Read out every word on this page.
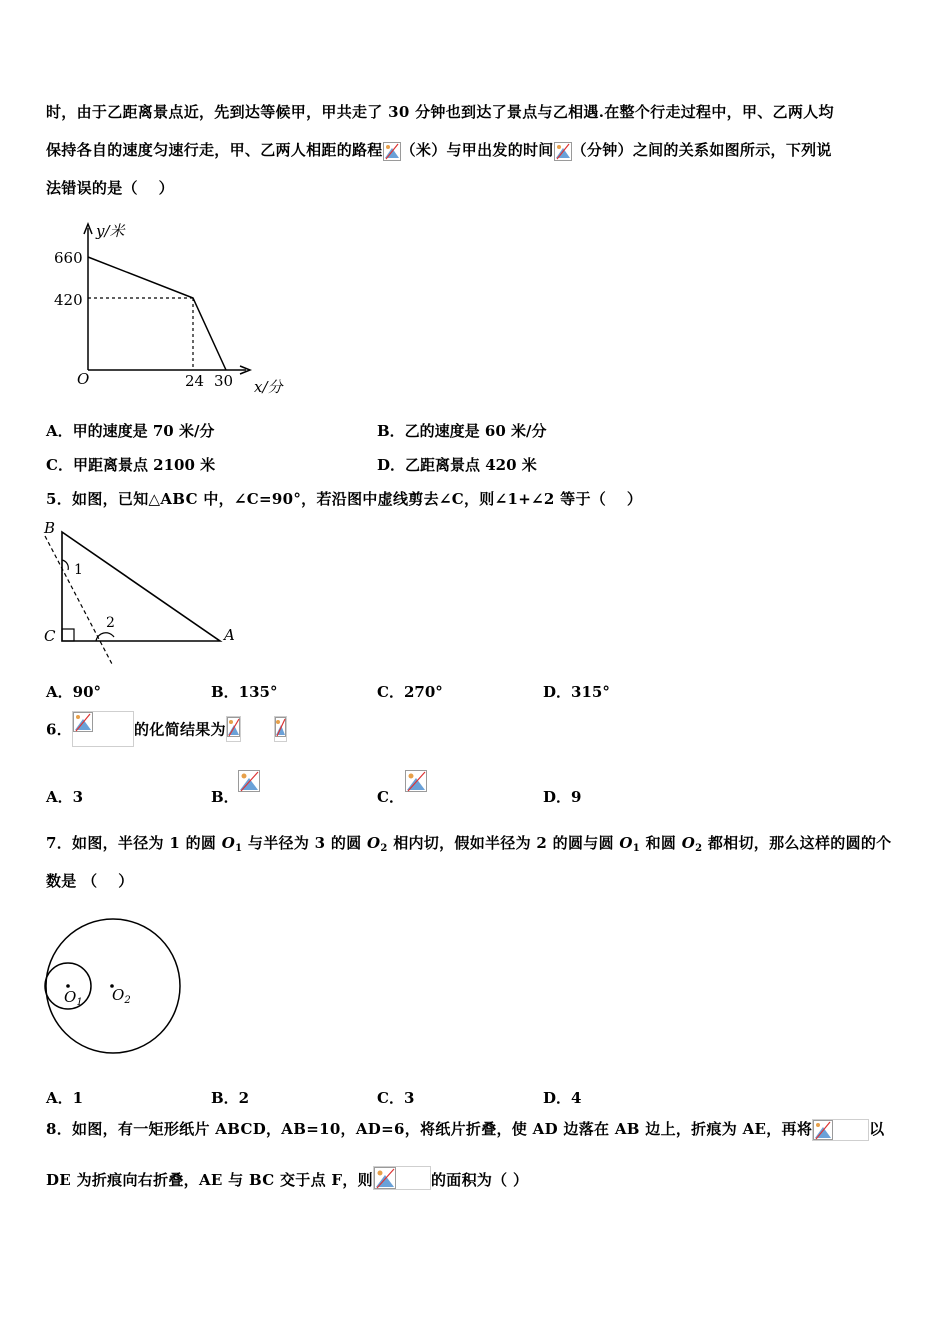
时，由于乙距离景点近，先到达等候甲，甲共走了 30 分钟也到达了景点与乙相遇.在整个行走过程中，甲、乙两人均
保持各自的速度匀速行走，甲、乙两人相距的路程 （米）与甲出发的时间 （分钟）之间的关系如图所示，下列说
法错误的是（　 ）
y/米
x/分
O
660
420
24 30
A．甲的速度是 70 米/分	B．乙的速度是 60 米/分
C．甲距离景点 2100 米	D．乙距离景点 420 米
5．如图，已知△ABC 中，∠C=90°，若沿图中虚线剪去∠C，则∠1+∠2 等于（　 ）
B
C	A
1
2
A．90°	B．135°	C．270°	D．315°
6．	的化简结果为
A．3	B．	C．	D．9
7．如图，半径为 1 的圆 $O_1$ 与半径为 3 的圆 $O_2$ 相内切，假如半径为 2 的圆与圆 $O_1$ 和圆 $O_2$ 都相切，那么这样的圆的个
数是 （　 ）
$O_1$ $O_2$
A．1	B．2	C．3	D．4
8．如图，有一矩形纸片 ABCD，AB=10，AD=6，将纸片折叠，使 AD 边落在 AB 边上，折痕为 AE，再将	以
DE 为折痕向右折叠，AE 与 BC 交于点 F，则	的面积为（ ）
